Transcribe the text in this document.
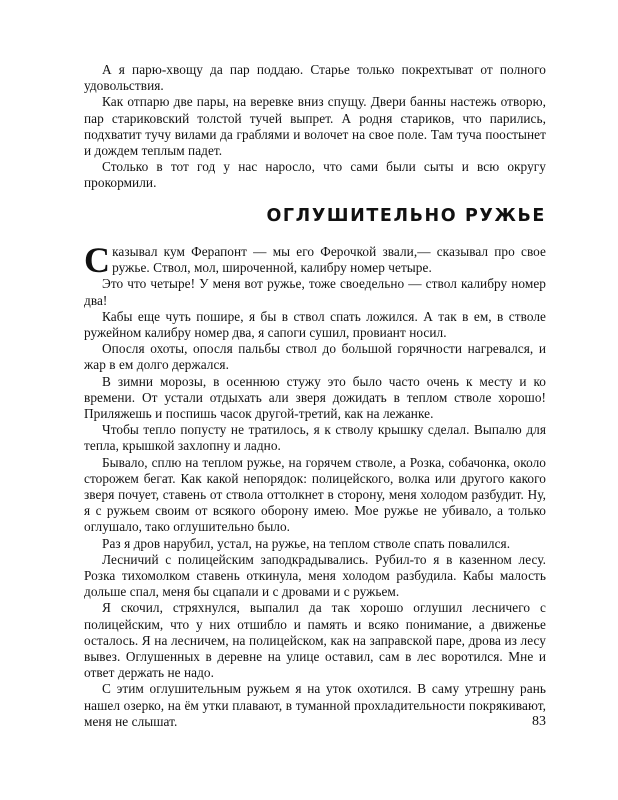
А я парю-хвощу да пар поддаю. Старье только покрехтыват от полного удовольствия.

Как отпарю две пары, на веревке вниз спущу. Двери банны настежь отворю, пар стариковский толстой тучей выпрет. А родня стариков, что парились, подхватит тучу вилами да граблями и волочет на свое поле. Там туча поостынет и дождем теплым падет.

Столько в тот год у нас наросло, что сами были сыты и всю округу прокормили.

ОГЛУШИТЕЛЬНО РУЖЬЕ

Сказывал кум Ферапонт — мы его Ферочкой звали,— сказывал про свое ружье. Ствол, мол, широченной, калибру номер четыре.

Это что четыре! У меня вот ружье, тоже своедельно — ствол калибру номер два!

Кабы еще чуть пошире, я бы в ствол спать ложился. А так в ем, в стволе ружейном калибру номер два, я сапоги сушил, провиант носил.

Опосля охоты, опосля пальбы ствол до большой горячности нагревался, и жар в ем долго держался.

В зимни морозы, в осеннюю стужу это было часто очень к месту и ко времени. От устали отдыхать али зверя дожидать в теплом стволе хорошо! Приляжешь и поспишь часок другой-третий, как на лежанке.

Чтобы тепло попусту не тратилось, я к стволу крышку сделал. Выпалю для тепла, крышкой захлопну и ладно.

Бывало, сплю на теплом ружье, на горячем стволе, а Розка, собачонка, около сторожем бегат. Как какой непорядок: полицейского, волка или другого какого зверя почует, ставень от ствола оттолкнет в сторону, меня холодом разбудит. Ну, я с ружьем своим от всякого оборону имею. Мое ружье не убивало, а только оглушало, тако оглушительно было.

Раз я дров нарубил, устал, на ружье, на теплом стволе спать повалился.

Лесничий с полицейским заподкрадывались. Рубил-то я в казенном лесу. Розка тихомолком ставень откинула, меня холодом разбудила. Кабы малость дольше спал, меня бы сцапали и с дровами и с ружьем.

Я скочил, стряхнулся, выпалил да так хорошо оглушил лесничего с полицейским, что у них отшибло и память и всяко понимание, а движенье осталось. Я на лесничем, на полицейском, как на заправской паре, дрова из лесу вывез. Оглушенных в деревне на улице оставил, сам в лес воротился. Мне и ответ держать не надо.

С этим оглушительным ружьем я на уток охотился. В саму утрешну рань нашел озерко, на ём утки плавают, в туманной прохладительности покрякивают, меня не слышат.	83
